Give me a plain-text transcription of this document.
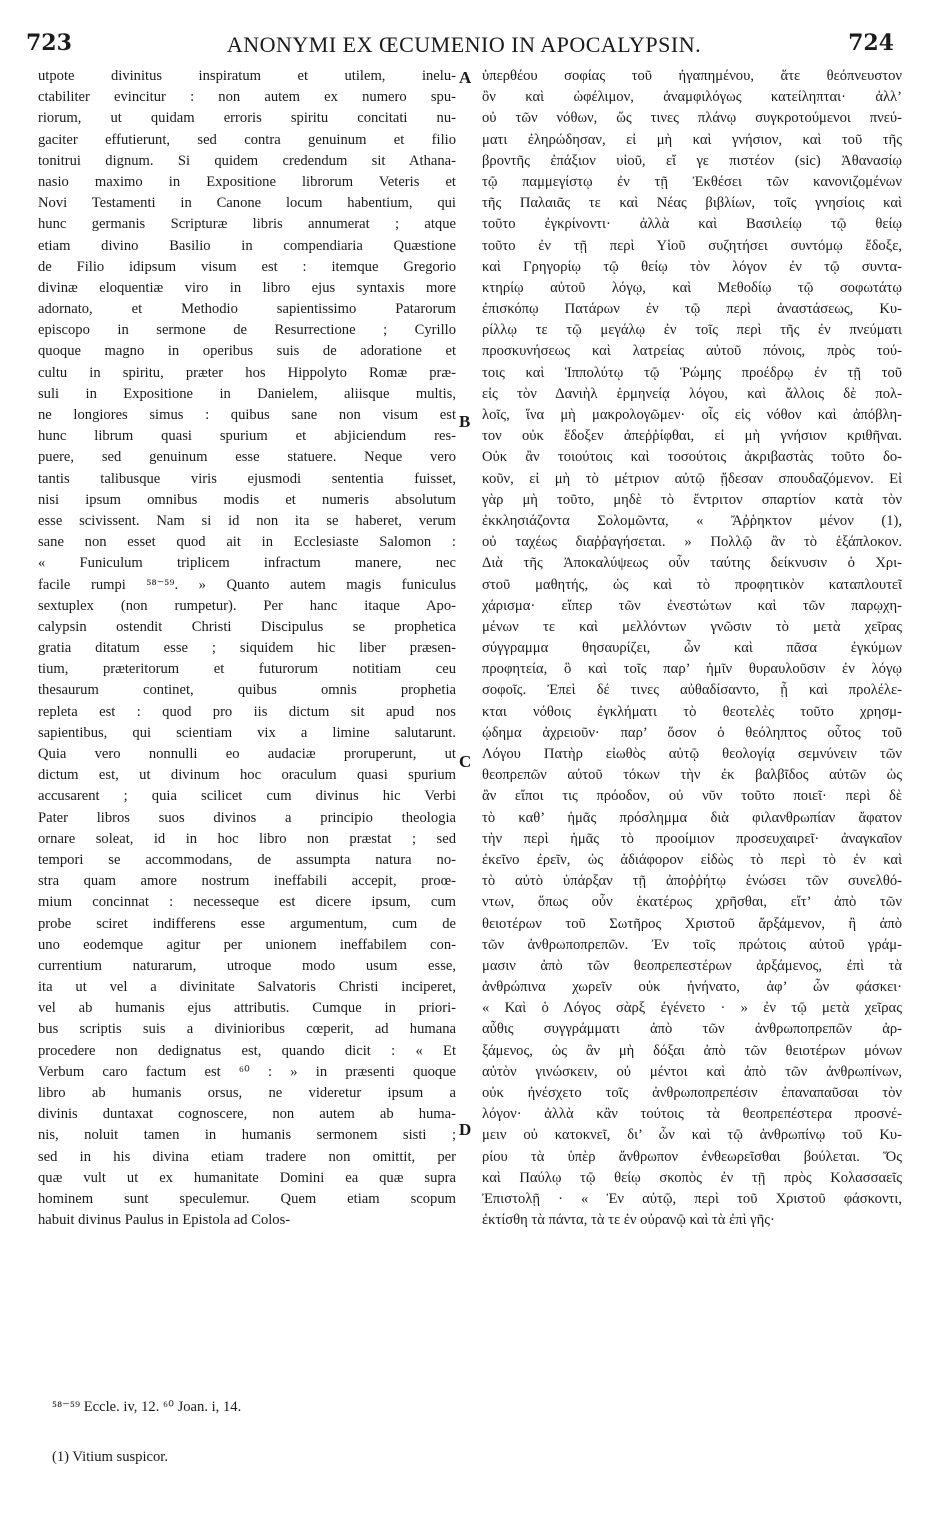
723	ANONYMI EX ŒCUMENIO IN APOCALYPSIN.	724
utpote divinitus inspiratum et utilem, inelu-
ctabiliter evincitur : non autem ex numero spu-
riorum, ut quidam erroris spiritu concitati nu-
gaciter effutierunt, sed contra genuinum et filio
tonitrui dignum. Si quidem credendum sit Athana-
nasio maximo in Expositione librorum Veteris et
Novi Testamenti in Canone locum habentium, qui
hunc germanis Scripturæ libris annumerat ; atque
etiam divino Basilio in compendiaria Quæstione
de Filio idipsum visum est : itemque Gregorio
divinæ eloquentiæ viro in libro ejus syntaxis more
adornato, et Methodio sapientissimo Patarorum
episcopo in sermone de Resurrectione ; Cyrillo
quoque magno in operibus suis de adoratione et
cultu in spiritu, præter hos Hippolyto Romæ præ-
suli in Expositione in Danielem, aliisque multis,
ne longiores simus : quibus sane non visum est
hunc librum quasi spurium et abjiciendum res-
puere, sed genuinum esse statuere. Neque vero
tantis talibusque viris ejusmodi sententia fuisset,
nisi ipsum omnibus modis et numeris absolutum
esse scivissent. Nam si id non ita se haberet, verum
sane non esset quod ait in Ecclesiaste Salomon :
« Funiculum triplicem infractum manere, nec
facile rumpi ⁵⁸⁻⁵⁹. » Quanto autem magis funiculus
sextuplex (non rumpetur). Per hanc itaque Apo-
calypsin ostendit Christi Discipulus se prophetica
gratia ditatum esse ; siquidem hic liber præsen-
tium, præteritorum et futurorum notitiam ceu
thesaurum continet, quibus omnis prophetia
repleta est : quod pro iis dictum sit apud nos
sapientibus, qui scientiam vix a limine salutarunt.
Quia vero nonnulli eo audaciæ proruperunt, ut
dictum est, ut divinum hoc oraculum quasi spurium
accusarent ; quia scilicet cum divinus hic Verbi
Pater libros suos divinos a principio theologia
ornare soleat, id in hoc libro non præstat ; sed
tempori se accommodans, de assumpta natura no-
stra quam amore nostrum ineffabili accepit, proœ-
mium concinnat : necesseque est dicere ipsum, cum
probe sciret indifferens esse argumentum, cum de
uno eodemque agitur per unionem ineffabilem con-
currentium naturarum, utroque modo usum esse,
ita ut vel a divinitate Salvatoris Christi inciperet,
vel ab humanis ejus attributis. Cumque in priori-
bus scriptis suis a divinioribus cœperit, ad humana
procedere non dedignatus est, quando dicit : « Et
Verbum caro factum est ⁶⁰ : » in præsenti quoque
libro ab humanis orsus, ne videretur ipsum a
divinis duntaxat cognoscere, non autem ab huma-
nis, noluit tamen in humanis sermonem sisti ;
sed in his divina etiam tradere non omittit, per
quæ vult ut ex humanitate Domini ea quæ supra
hominem sunt speculemur. Quem etiam scopum
habuit divinus Paulus in Epistola ad Colos-
ὑπερθέου σοφίας τοῦ ἠγαπημένου, ἅτε θεόπνευστον
ὂν καὶ ὠφέλιμον, ἀναμφιλόγως κατείληπται· ἀλλ’
οὐ τῶν νόθων, ὥς τινες πλάνῳ συγκροτούμενοι πνεύ-
ματι ἐληρώδησαν, εἰ μὴ καὶ γνήσιον, καὶ τοῦ τῆς
βροντῆς ἐπάξιον υἱοῦ, εἴ γε πιστέον (sic) Ἀθανασίῳ
τῷ παμμεγίστῳ ἐν τῇ Ἐκθέσει τῶν κανονιζομένων
τῆς Παλαιᾶς τε καὶ Νέας βιβλίων, τοῖς γνησίοις καὶ
τοῦτο ἐγκρίνοντι· ἀλλὰ καὶ Βασιλείῳ τῷ θείῳ
τοῦτο ἐν τῇ περὶ Υἱοῦ συζητήσει συντόμῳ ἔδοξε,
καὶ Γρηγορίῳ τῷ θείῳ τὸν λόγον ἐν τῷ συντα-
κτηρίῳ αὐτοῦ λόγῳ, καὶ Μεθοδίῳ τῷ σοφωτάτῳ
ἐπισκόπῳ Πατάρων ἐν τῷ περὶ ἀναστάσεως, Κυ-
ρίλλῳ τε τῷ μεγάλῳ ἐν τοῖς περὶ τῆς ἐν πνεύματι
προσκυνήσεως καὶ λατρείας αὐτοῦ πόνοις, πρὸς τού-
τοις καὶ Ἱππολύτῳ τῷ Ῥώμης προέδρῳ ἐν τῇ τοῦ
εἰς τὸν Δανιὴλ ἑρμηνείᾳ λόγου, καὶ ἄλλοις δὲ πολ-
λοῖς, ἵνα μὴ μακρολογῶμεν· οἷς εἰς νόθον καὶ ἀπόβλη-
τον οὐκ ἔδοξεν ἀπεῤῥίφθαι, εἰ μὴ γνήσιον κριθῆναι.
Οὐκ ἂν τοιούτοις καὶ τοσούτοις ἀκριβαστὰς τοῦτο δο-
κοῦν, εἰ μὴ τὸ μέτριον αὐτῷ ᾔδεσαν σπουδαζόμενον. Εἰ
γὰρ μὴ τοῦτο, μηδὲ τὸ ἔντριτον σπαρτίον κατὰ τὸν
ἐκκλησιάζοντα Σολομῶντα, « Ἄῤῥηκτον μένον (1),
οὐ ταχέως διαῤῥαγήσεται. » Πολλῷ ἂν τὸ ἑξάπλοκον.
Διὰ τῆς Ἀποκαλύψεως οὖν ταύτης δείκνυσιν ὁ Χρι-
στοῦ μαθητής, ὡς καὶ τὸ προφητικὸν καταπλουτεῖ
χάρισμα· εἴπερ τῶν ἐνεστώτων καὶ τῶν παρῳχη-
μένων τε καὶ μελλόντων γνῶσιν τὸ μετὰ χεῖρας
σύγγραμμα θησαυρίζει, ὧν καὶ πᾶσα ἐγκύμων
προφητεία, ὃ καὶ τοῖς παρ’ ἡμῖν θυραυλοῦσιν ἐν λόγῳ
σοφοῖς. Ἐπεὶ δέ τινες αὐθαδίσαντο, ᾗ καὶ προλέλε-
κται νόθοις ἐγκλήματι τὸ θεοτελὲς τοῦτο χρησμ-
ῴδημα ἀχρειοῦν· παρ’ ὅσον ὁ θεόληπτος οὗτος τοῦ
Λόγου Πατὴρ εἰωθὸς αὐτῷ θεολογίᾳ σεμνύνειν τῶν
θεοπρεπῶν αὐτοῦ τόκων τὴν ἐκ βαλβῖδος αὐτῶν ὡς
ἂν εἴποι τις πρόοδον, οὐ νῦν τοῦτο ποιεῖ· περὶ δὲ
τὸ καθ’ ἡμᾶς πρόσλημμα διὰ φιλανθρωπίαν ἄφατον
τὴν περὶ ἡμᾶς τὸ προοίμιον προσευχαιρεῖ· ἀναγκαῖον
ἐκεῖνο ἐρεῖν, ὡς ἀδιάφορον εἰδὼς τὸ περὶ τὸ ἐν καὶ
τὸ αὐτὸ ὑπάρξαν τῇ ἀποῤῥήτῳ ἑνώσει τῶν συνελθό-
ντων, ὅπως οὖν ἑκατέρως χρῆσθαι, εἴτ’ ἀπὸ τῶν
θειοτέρων τοῦ Σωτῆρος Χριστοῦ ἄρξάμενον, ἢ ἀπὸ
τῶν ἀνθρωποπρεπῶν. Ἐν τοῖς πρώτοις αὐτοῦ γράμ-
μασιν ἀπὸ τῶν θεοπρεπεστέρων ἀρξάμενος, ἐπὶ τὰ
ἀνθρώπινα χωρεῖν οὐκ ἠνήνατο, ἀφ’ ὧν φάσκει·
« Καὶ ὁ Λόγος σὰρξ ἐγένετο · » ἐν τῷ μετὰ χεῖρας
αὖθις συγγράμματι ἀπὸ τῶν ἀνθρωποπρεπῶν ἀρ-
ξάμενος, ὡς ἂν μὴ δόξαι ἀπὸ τῶν θειοτέρων μόνων
αὐτὸν γινώσκειν, οὐ μέντοι καὶ ἀπὸ τῶν ἀνθρωπίνων,
οὐκ ἠνέσχετο τοῖς ἀνθρωποπρεπέσιν ἐπαναπαῦσαι τὸν
λόγον· ἀλλὰ κἂν τούτοις τὰ θεοπρεπέστερα προσνέ-
μειν οὐ κατοκνεῖ, δι’ ὧν καὶ τῷ ἀνθρωπίνῳ τοῦ Κυ-
ρίου τὰ ὑπὲρ ἄνθρωπον ἐνθεωρεῖσθαι βούλεται. Ὅς
καὶ Παύλῳ τῷ θείῳ σκοπὸς ἐν τῇ πρὸς Κολασσαεῖς
Ἐπιστολῇ · « Ἐν αὐτῷ, περὶ τοῦ Χριστοῦ φάσκοντι,
ἐκτίσθη τὰ πάντα, τὰ τε ἐν οὐρανῷ καὶ τὰ ἐπὶ γῆς·
A
B
C
D
⁵⁸⁻⁵⁹ Eccle. iv, 12. ⁶⁰ Joan. i, 14.
(1) Vitium suspicor.
